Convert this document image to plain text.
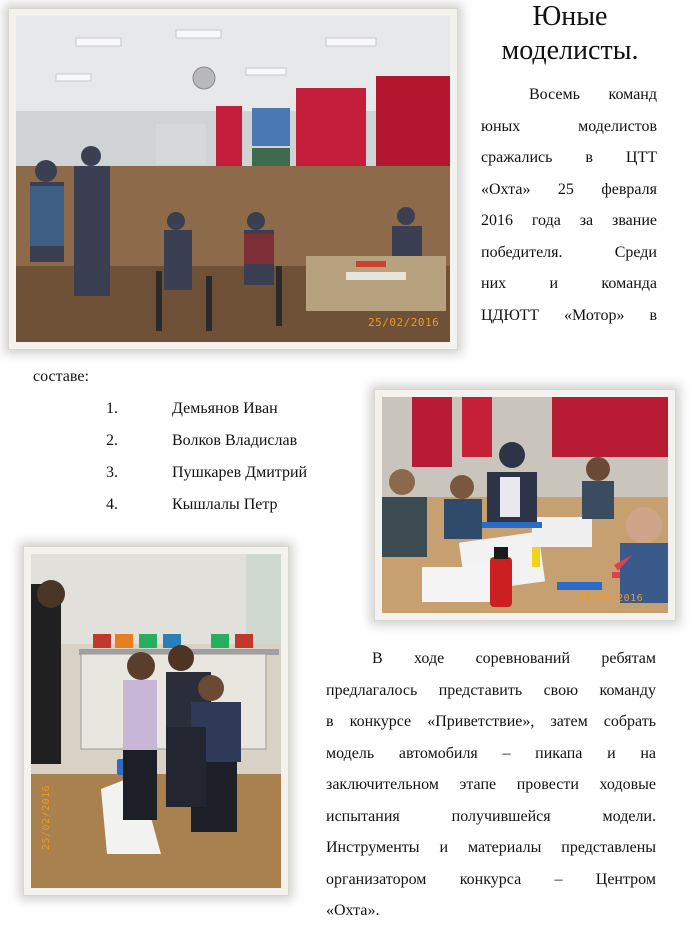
Юные моделисты.
25/02/2016
Восемь команд
юных моделистов
сражались в ЦТТ
«Охта» 25 февраля
2016 года за звание
победителя. Среди
них и команда
ЦДЮТТ «Мотор» в
составе:
1.	Демьянов Иван
2.	Волков Владислав
3.	Пушкарев Дмитрий
4.	Кышлалы Петр
25/02/2016
25/02/2016
В ходе соревнований ребятам
предлагалось представить свою команду
в конкурсе «Приветствие», затем собрать
модель автомобиля – пикапа и на
заключительном этапе провести ходовые
испытания получившейся модели.
Инструменты и материалы представлены
организатором конкурса – Центром
«Охта».
